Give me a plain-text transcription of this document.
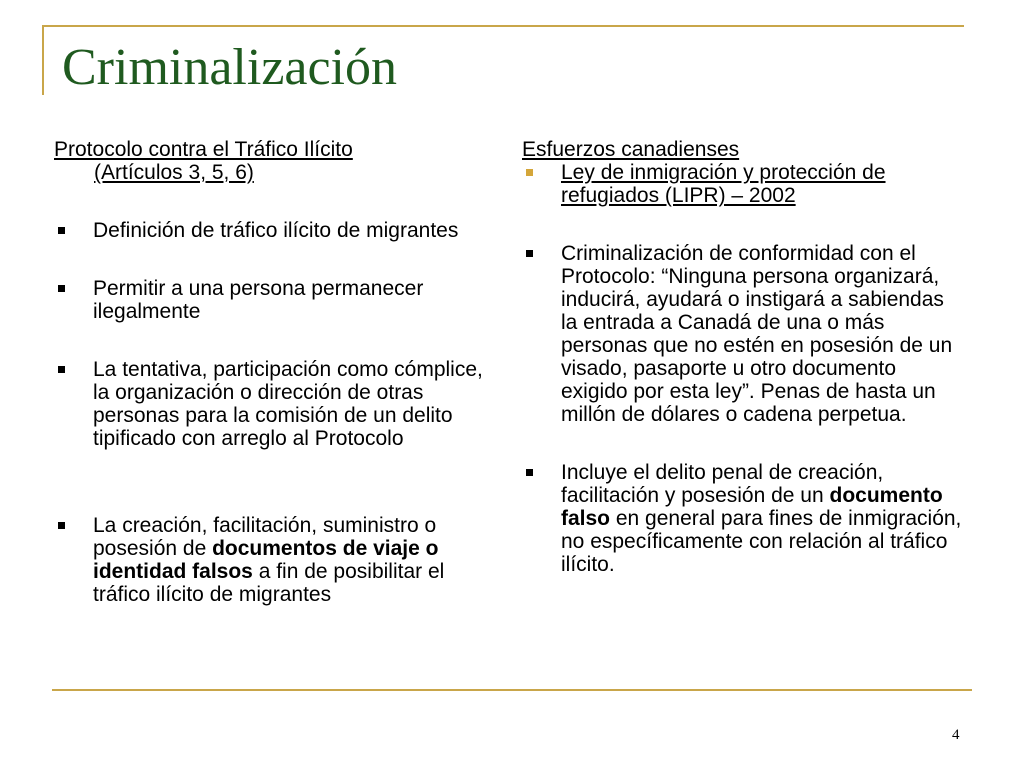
Criminalización

Protocolo contra el Tráfico Ilícito
(Artículos 3, 5, 6)

Definición de tráfico ilícito de migrantes
Permitir a una persona permanecer ilegalmente
La tentativa, participación como cómplice, la organización o dirección de otras personas para la comisión de un delito tipificado con arreglo al Protocolo
La creación, facilitación, suministro o posesión de documentos de viaje o identidad falsos a fin de posibilitar el tráfico ilícito de migrantes

Esfuerzos canadienses

Ley de inmigración y protección de refugiados (LIPR) – 2002
Criminalización de conformidad con el Protocolo: “Ninguna persona organizará, inducirá, ayudará o instigará a sabiendas la entrada a Canadá de una o más personas que no estén en posesión de un visado, pasaporte u otro documento exigido por esta ley”. Penas de hasta un millón de dólares o cadena perpetua.
Incluye el delito penal de creación, facilitación y posesión de un documento falso en general para fines de inmigración, no específicamente con relación al tráfico ilícito.
4
